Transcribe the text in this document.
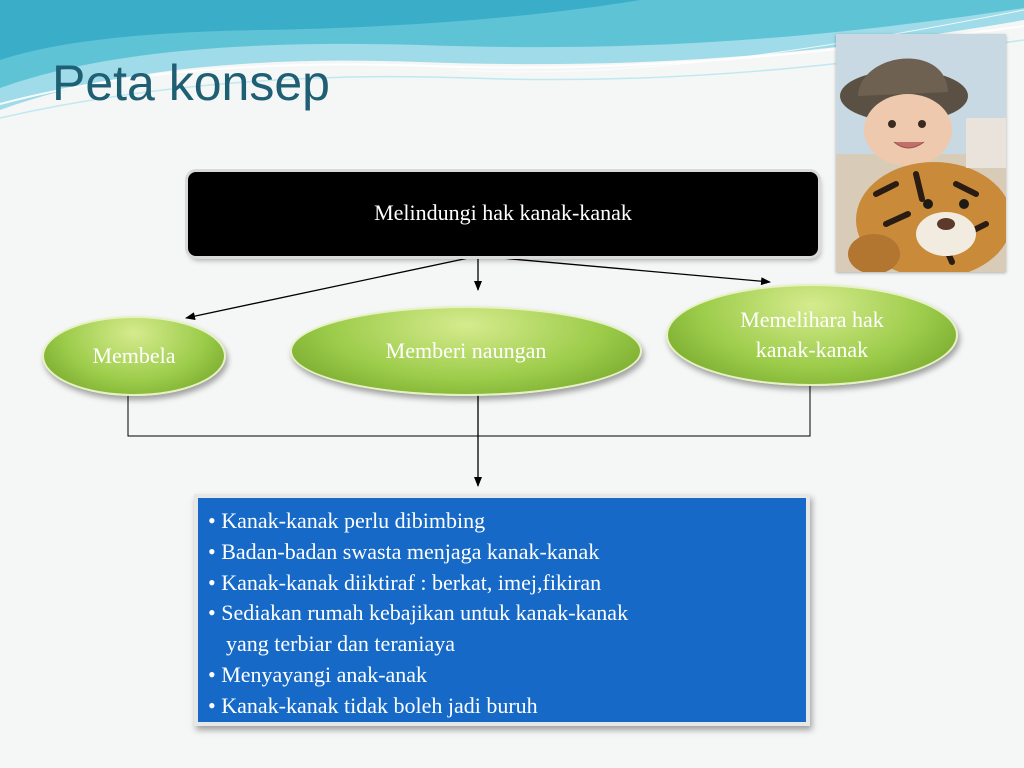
Peta konsep
Melindungi hak kanak-kanak
Membela	Memberi naungan
Memelihara hak
kanak-kanak
• Kanak-kanak perlu dibimbing
• Badan-badan swasta menjaga kanak-kanak
• Kanak-kanak diiktiraf : berkat, imej,fikiran
• Sediakan rumah kebajikan untuk kanak-kanak
yang terbiar dan teraniaya
• Menyayangi anak-anak
• Kanak-kanak tidak boleh jadi buruh
